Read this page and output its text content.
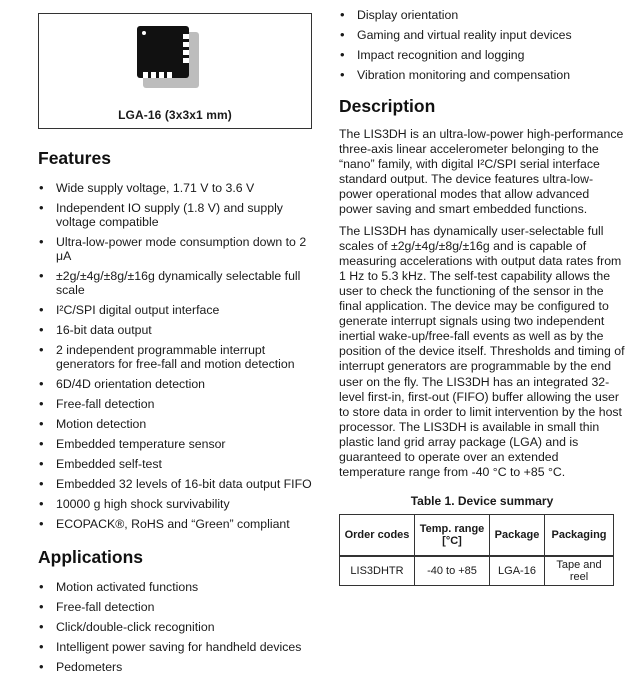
LGA-16 (3x3x1 mm)
Features
• Wide supply voltage, 1.71 V to 3.6 V
• Independent IO supply (1.8 V) and supply voltage compatible
• Ultra-low-power mode consumption down to 2 μA
• ±2g/±4g/±8g/±16g dynamically selectable full scale
• I²C/SPI digital output interface
• 16-bit data output
• 2 independent programmable interrupt generators for free-fall and motion detection
• 6D/4D orientation detection
• Free-fall detection
• Motion detection
• Embedded temperature sensor
• Embedded self-test
• Embedded 32 levels of 16-bit data output FIFO
• 10000 g high shock survivability
• ECOPACK®, RoHS and “Green” compliant
Applications
• Motion activated functions
• Free-fall detection
• Click/double-click recognition
• Intelligent power saving for handheld devices
• Pedometers
• Display orientation
• Gaming and virtual reality input devices
• Impact recognition and logging
• Vibration monitoring and compensation
Description

The LIS3DH is an ultra-low-power high-performance three-axis linear accelerometer belonging to the “nano” family, with digital I²C/SPI serial interface standard output. The device features ultra-low-power operational modes that allow advanced power saving and smart embedded functions.

The LIS3DH has dynamically user-selectable full scales of ±2g/±4g/±8g/±16g and is capable of measuring accelerations with output data rates from 1 Hz to 5.3 kHz. The self-test capability allows the user to check the functioning of the sensor in the final application. The device may be configured to generate interrupt signals using two independent inertial wake-up/free-fall events as well as by the position of the device itself. Thresholds and timing of interrupt generators are programmable by the end user on the fly. The LIS3DH has an integrated 32-level first-in, first-out (FIFO) buffer allowing the user to store data in order to limit intervention by the host processor. The LIS3DH is available in small thin plastic land grid array package (LGA) and is guaranteed to operate over an extended temperature range from -40 °C to +85 °C.

Table 1. Device summary
Order codes	Temp. range [°C]	Package	Packaging
LIS3DHTR	-40 to +85	LGA-16	Tape and reel
